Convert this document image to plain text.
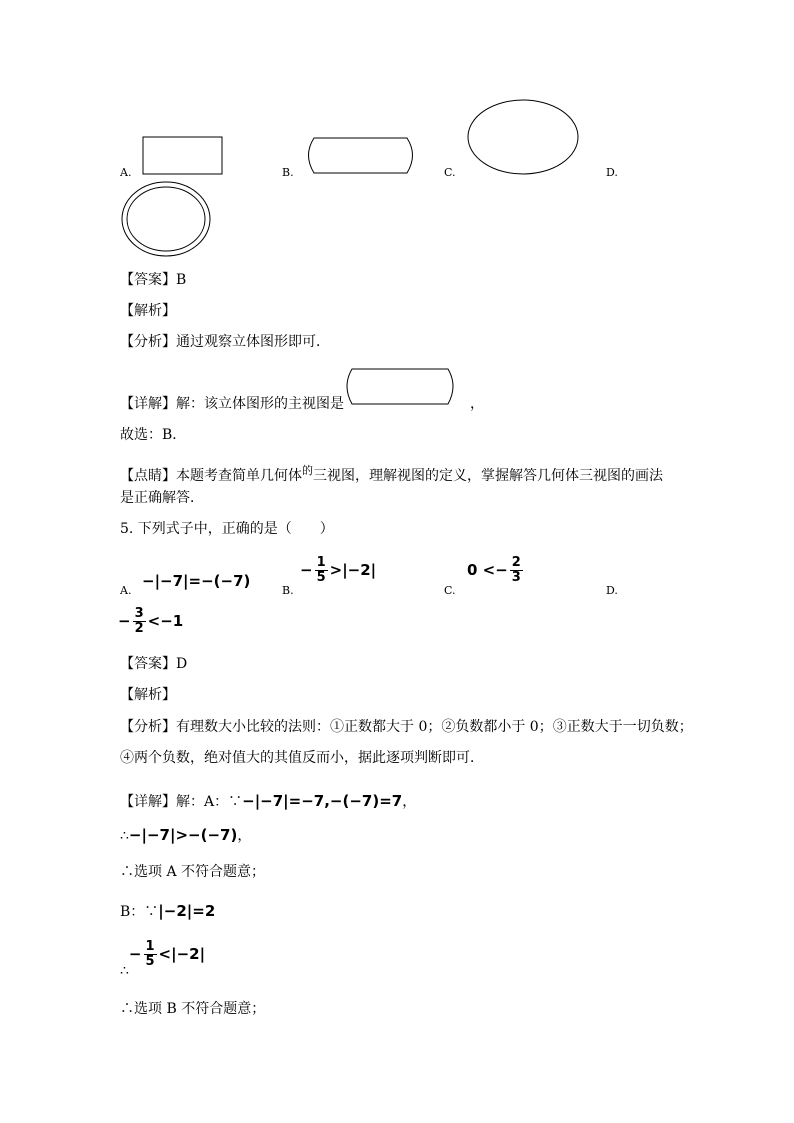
A.	B.	C.	D.
【答案】B
【解析】
【分析】通过观察立体图形即可．
【详解】解：该立体图形的主视图是	，
故选：B．
【点睛】本题考查简单几何体$^的$三视图，理解视图的定义，掌握解答几何体三视图的画法
是正确解答．
5. 下列式子中，正确的是（　　）
A.
−|−7|=−(−7)
B.
− $\frac{1}{5} >|-2|$
C.
$0 <- \frac{2}{3}$
D.
− $\frac{3}{2} <-1$
【答案】D
【解析】
【分析】有理数大小比较的法则：①正数都大于 0；②负数都小于 0；③正数大于一切负数；
④两个负数，绝对值大的其值反而小，据此逐项判断即可．
【详解】解：A：∵−|−7|=−7,−(−7)=7，
∴−|−7|>−(−7)，
∴选项 A 不符合题意；
B：∵|−2|=2
∴− $\frac{1}{5} <|-2|$
∴选项 B 不符合题意；
